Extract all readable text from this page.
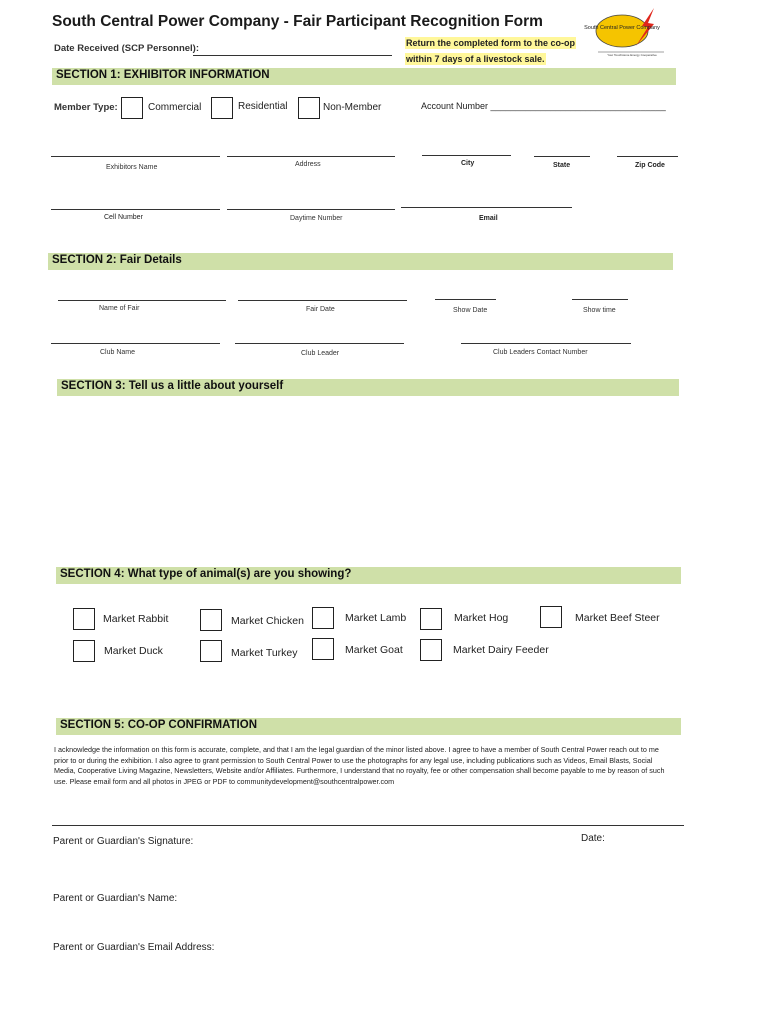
South Central Power Company - Fair Participant Recognition Form
Date Received (SCP Personnel):	Return the completed form to the co-op
within 7 days of a livestock sale.
South Central Power Company
Your Touchstone Energy Cooperative
SECTION 1: EXHIBITOR INFORMATION
Member Type:	Commercial	Residential	Non-Member	Account Number ___________________________________
Exhibitors Name	Address	City	State	Zip Code
Cell Number	Daytime Number	Email
SECTION 2: Fair Details
Name of Fair	Fair Date	Show Date	Show time
Club Name	Club Leader	Club Leaders Contact Number
SECTION 3: Tell us a little about yourself
SECTION 4: What type of animal(s) are you showing?
Market Rabbit	Market Chicken	Market Lamb	Market Hog	Market Beef Steer
Market Duck	Market Turkey	Market Goat	Market Dairy Feeder
SECTION 5: CO-OP CONFIRMATION
I acknowledge the information on this form is accurate, complete, and that I am the legal guardian of the minor listed above. I agree to have a member of South Central Power reach out to me prior to or during the exhibition. I also agree to grant permission to South Central Power to use the photographs for any legal use, including publications such as Videos, Email Blasts, Social Media, Cooperative Living Magazine, Newsletters, Website and/or Affiliates. Furthermore, I understand that no royalty, fee or other compensation shall become payable to me by reason of such use. Please email form and all photos in JPEG or PDF to communitydevelopment@southcentralpower.com
Parent or Guardian's Signature:	Date:
Parent or Guardian's Name:
Parent or Guardian's Email Address:
